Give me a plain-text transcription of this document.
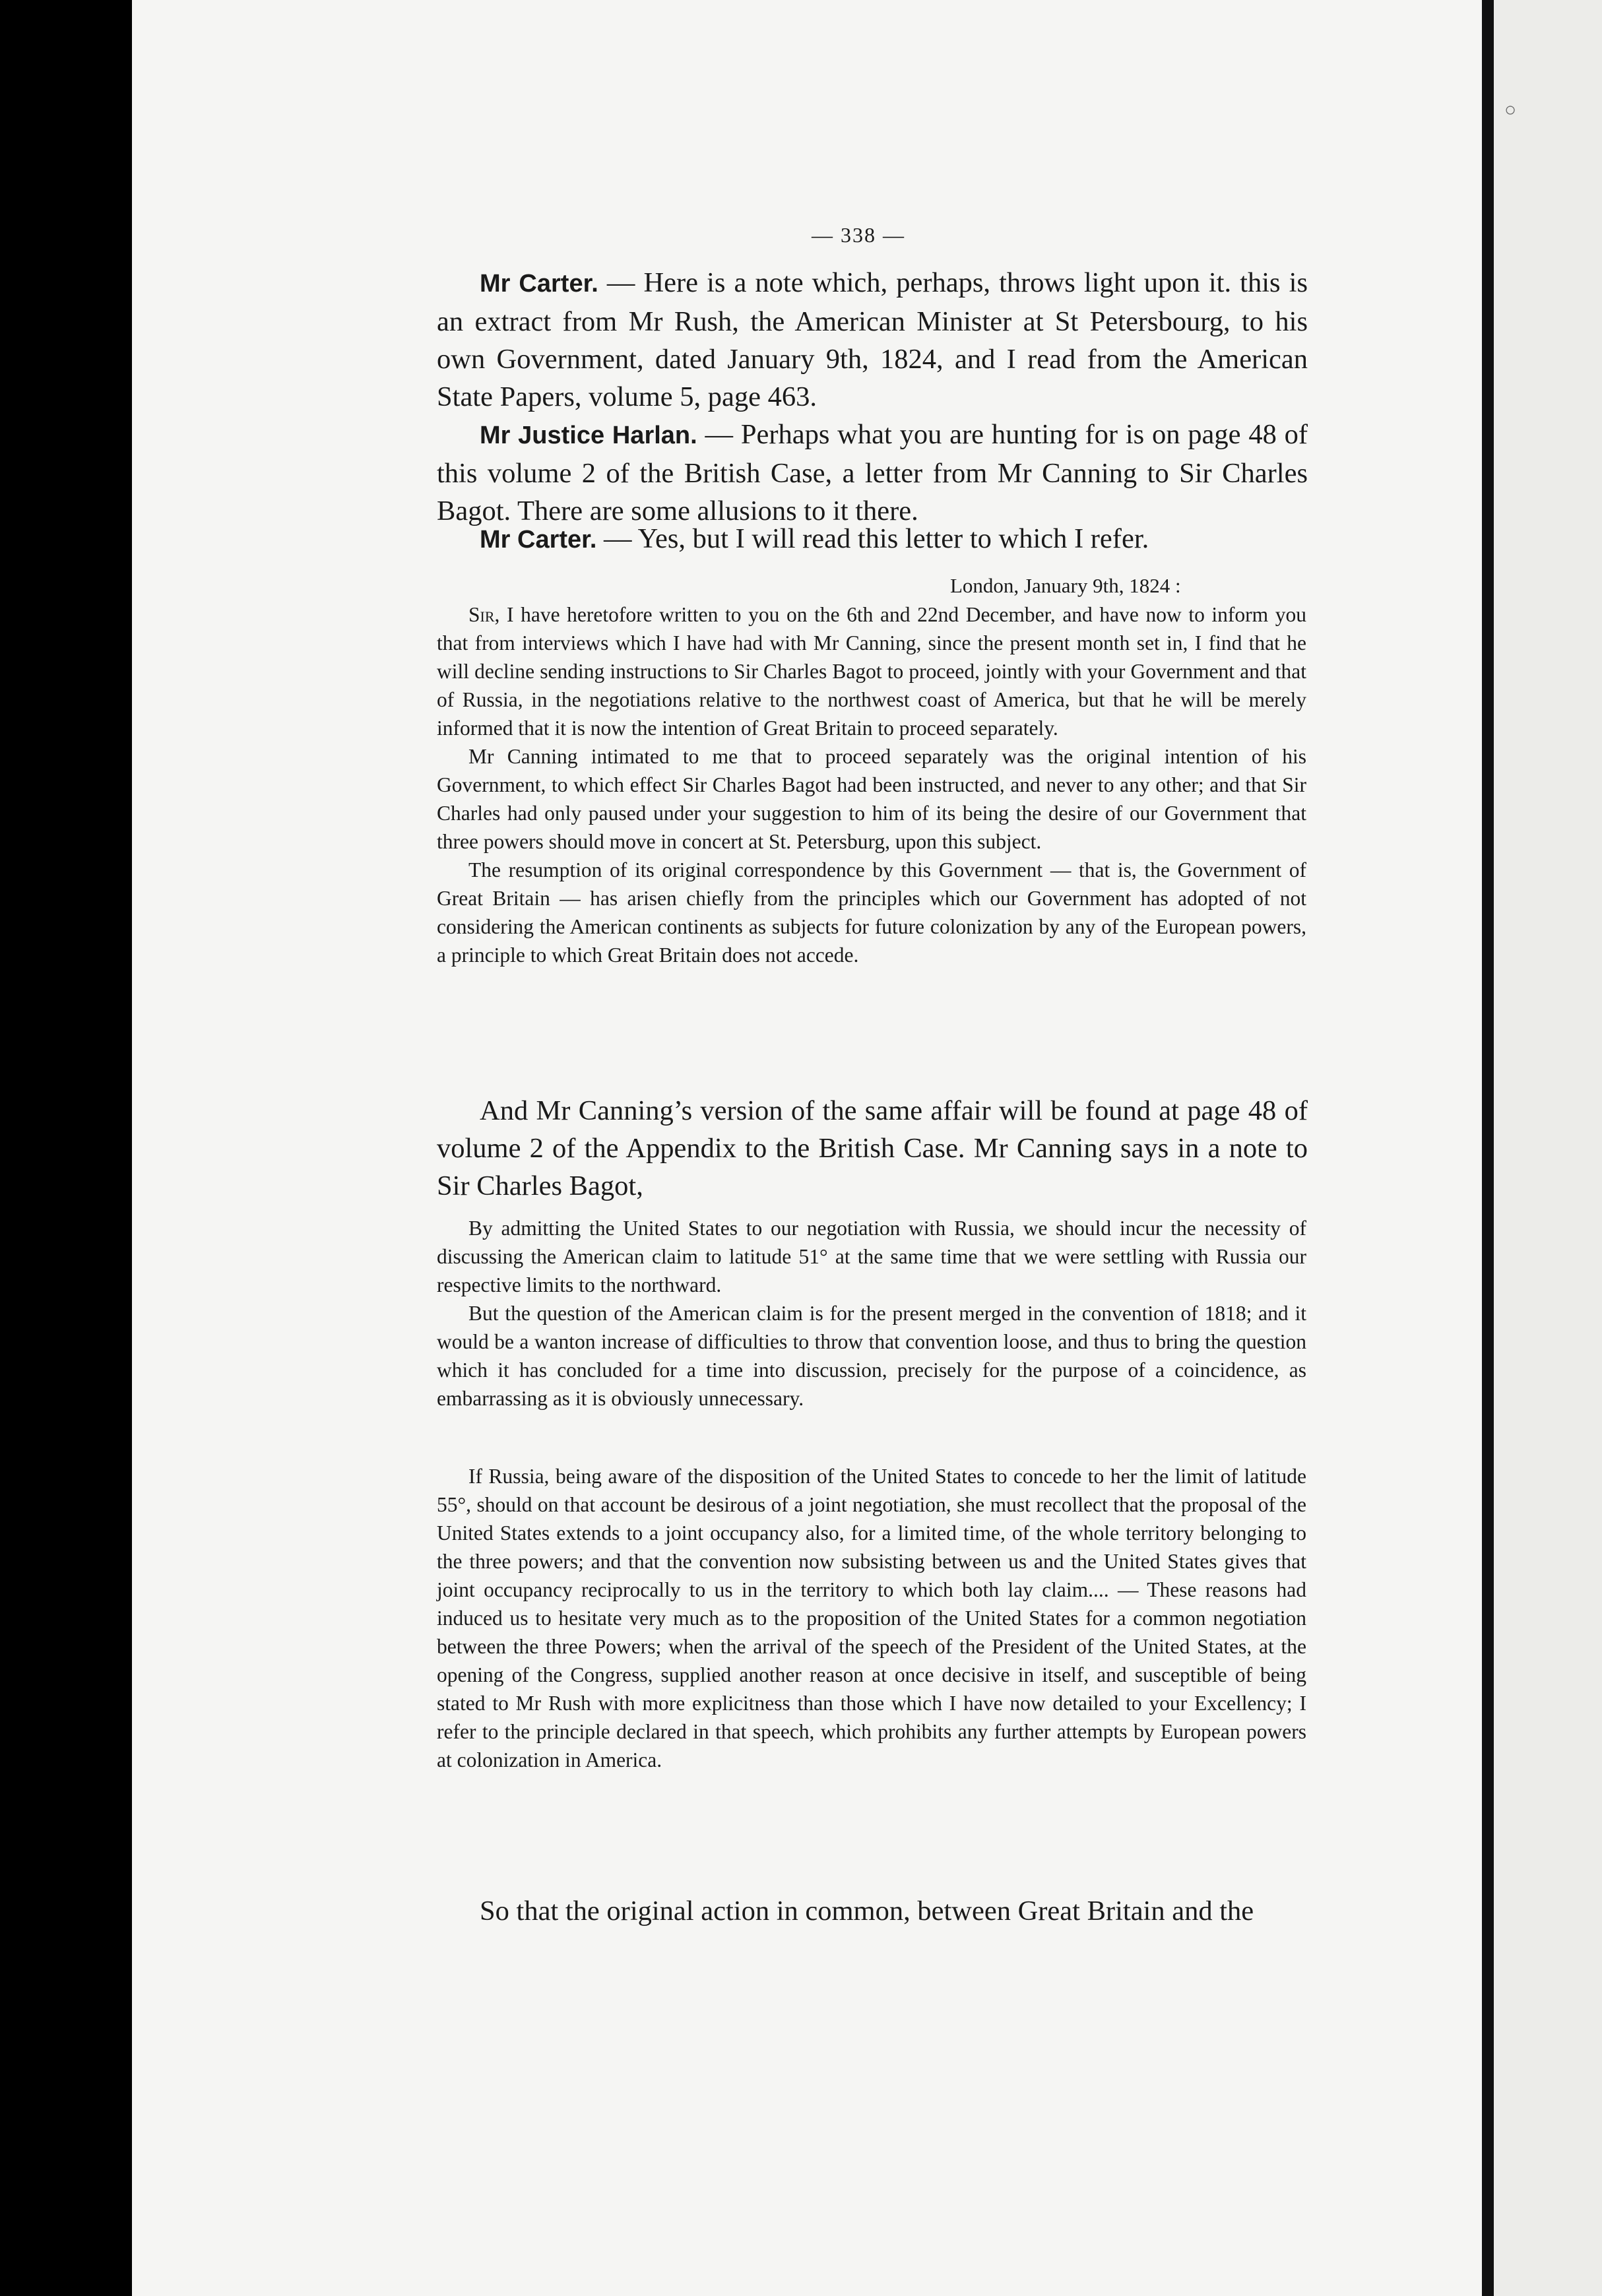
○
— 338 —

Mr Carter. — Here is a note which, perhaps, throws light upon it. this is an extract from Mr Rush, the American Minister at St Petersbourg, to his own Government, dated January 9th, 1824, and I read from the American State Papers, volume 5, page 463.

Mr Justice Harlan. — Perhaps what you are hunting for is on page 48 of this volume 2 of the British Case, a letter from Mr Canning to Sir Charles Bagot. There are some allusions to it there.

Mr Carter. — Yes, but I will read this letter to which I refer.

London, January 9th, 1824 :

Sir, I have heretofore written to you on the 6th and 22nd December, and have now to inform you that from interviews which I have had with Mr Canning, since the present month set in, I find that he will decline sending instructions to Sir Charles Bagot to proceed, jointly with your Government and that of Russia, in the negotiations relative to the northwest coast of America, but that he will be merely informed that it is now the intention of Great Britain to proceed separately.

Mr Canning intimated to me that to proceed separately was the original intention of his Government, to which effect Sir Charles Bagot had been instructed, and never to any other; and that Sir Charles had only paused under your suggestion to him of its being the desire of our Government that three powers should move in concert at St. Petersburg, upon this subject.

The resumption of its original correspondence by this Government — that is, the Government of Great Britain — has arisen chiefly from the principles which our Government has adopted of not considering the American continents as subjects for future colonization by any of the European powers, a principle to which Great Britain does not accede.

And Mr Canning’s version of the same affair will be found at page 48 of volume 2 of the Appendix to the British Case. Mr Canning says in a note to Sir Charles Bagot,

By admitting the United States to our negotiation with Russia, we should incur the necessity of discussing the American claim to latitude 51° at the same time that we were settling with Russia our respective limits to the northward.

But the question of the American claim is for the present merged in the convention of 1818; and it would be a wanton increase of difficulties to throw that convention loose, and thus to bring the question which it has concluded for a time into discussion, precisely for the purpose of a coincidence, as embarrassing as it is obviously unnecessary.

If Russia, being aware of the disposition of the United States to concede to her the limit of latitude 55°, should on that account be desirous of a joint negotiation, she must recollect that the proposal of the United States extends to a joint occupancy also, for a limited time, of the whole territory belonging to the three powers; and that the convention now subsisting between us and the United States gives that joint occupancy reciprocally to us in the territory to which both lay claim.... — These reasons had induced us to hesitate very much as to the proposition of the United States for a common negotiation between the three Powers; when the arrival of the speech of the President of the United States, at the opening of the Congress, supplied another reason at once decisive in itself, and susceptible of being stated to Mr Rush with more explicitness than those which I have now detailed to your Excellency; I refer to the principle declared in that speech, which prohibits any further attempts by European powers at colonization in America.

So that the original action in common, between Great Britain and the
